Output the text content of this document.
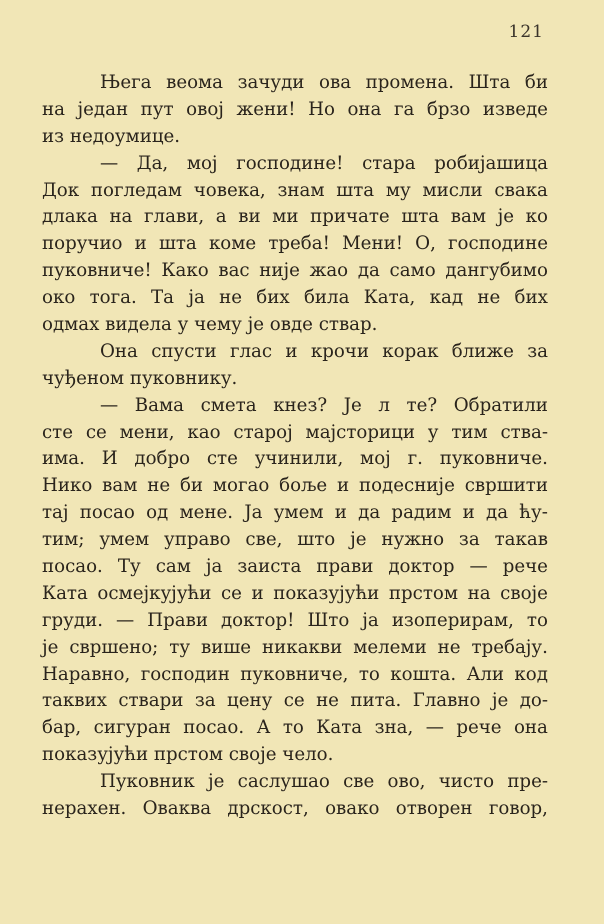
121
Њега веома зачуди ова промена. Шта би
на један пут овој жени! Но она га брзо изведе
из недоумице.
— Да, мој господине! стара робијашица
Док погледам човека, знам шта му мисли свака
длака на глави, а ви ми причате шта вам је ко
поручио и шта коме треба! Мени! О, господине
пуковниче! Како вас није жао да само дангубимо
око тога. Та ја не бих била Ката, кад не бих
одмах видела у чему је овде ствар.
Она спусти глас и крочи корак ближе за
чуђеном пуковнику.
— Вама смета кнез? Је л те? Обратили
сте се мени, као старој мајсторици у тим ства-
има. И добро сте учинили, мој г. пуковниче.
Нико вам не би могао боље и подесније свршити
тај посао од мене. Ја умем и да радим и да ћу-
тим; умем управо све, што је нужно за такав
посао. Ту сам ја заиста прави доктор — рече
Ката осмејкујући се и показујући прстом на своје
груди. — Прави доктор! Што ја изоперирам, то
је свршено; ту више никакви мелеми не требају.
Наравно, господин пуковниче, то кошта. Али код
таквих ствари за цену се не пита. Главно је до-
бар, сигуран посао. А то Ката зна, — рече она
показујући прстом своје чело.
Пуковник је саслушао све ово, чисто пре-
нерахен. Оваква дрскост, овако отворен говор,
